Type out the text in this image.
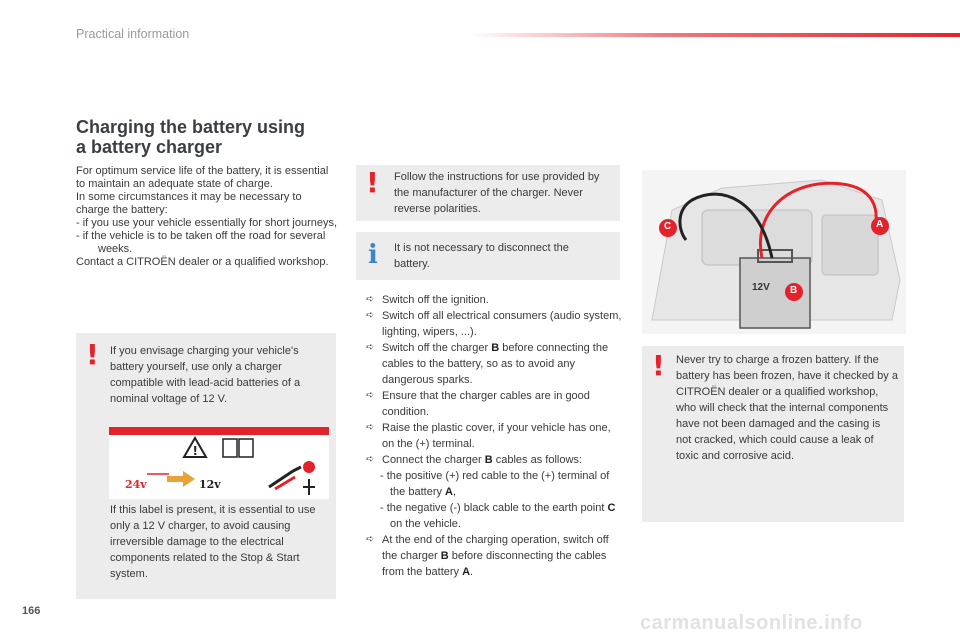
Practical information
Charging the battery using
a battery charger
For optimum service life of the battery, it is essential to maintain an adequate state of charge.
In some circumstances it may be necessary to charge the battery:
- if you use your vehicle essentially for short journeys,
- if the vehicle is to be taken off the road for several weeks.
Contact a CITROËN dealer or a qualified workshop.
! If you envisage charging your vehicle's battery yourself, use only a charger compatible with lead-acid batteries of a nominal voltage of 12 V.
If this label is present, it is essential to use only a 12 V charger, to avoid causing irreversible damage to the electrical components related to the Stop & Start system.
!
24v	12v
! Follow the instructions for use provided by the manufacturer of the charger. Never reverse polarities.
i It is not necessary to disconnect the battery.
➪ Switch off the ignition.
➪ Switch off all electrical consumers (audio system, lighting, wipers, ...).
➪ Switch off the charger B before connecting the cables to the battery, so as to avoid any dangerous sparks.
➪ Ensure that the charger cables are in good condition.
➪ Raise the plastic cover, if your vehicle has one, on the (+) terminal.
➪ Connect the charger B cables as follows:
- the positive (+) red cable to the (+) terminal of the battery A,
- the negative (-) black cable to the earth point C on the vehicle.
➪ At the end of the charging operation, switch off the charger B before disconnecting the cables from the battery A.
A
B
C
12V
! Never try to charge a frozen battery. If the battery has been frozen, have it checked by a CITROËN dealer or a qualified workshop, who will check that the internal components have not been damaged and the casing is not cracked, which could cause a leak of toxic and corrosive acid.
166
carmanualsonline.info
